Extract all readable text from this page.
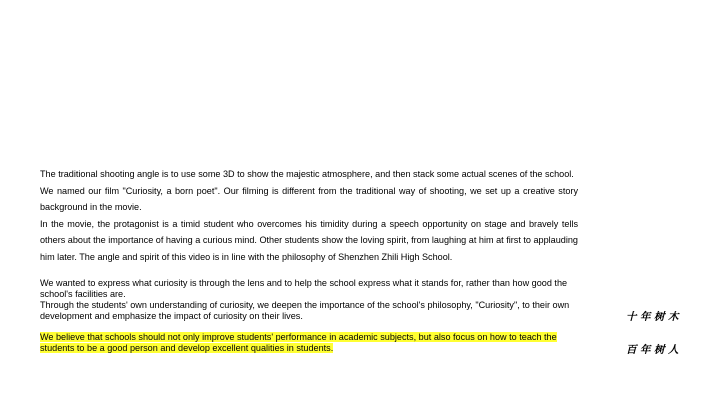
The traditional shooting angle is to use some 3D to show the majestic atmosphere, and then stack some actual scenes of the school.

We named our film "Curiosity, a born poet". Our filming is different from the traditional way of shooting, we set up a creative story background in the movie.

In the movie, the protagonist is a timid student who overcomes his timidity during a speech opportunity on stage and bravely tells others about the importance of having a curious mind. Other students show the loving spirit, from laughing at him at first to applauding him later. The angle and spirit of this video is in line with the philosophy of Shenzhen Zhili High School.

We wanted to express what curiosity is through the lens and to help the school express what it stands for, rather than how good the school's facilities are.

Through the students' own understanding of curiosity, we deepen the importance of the school's philosophy, "Curiosity", to their own development and emphasize the impact of curiosity on their lives.

We believe that schools should not only improve students' performance in academic subjects, but also focus on how to teach the students to be a good person and develop excellent qualities in students.

十年树木
百年树人
